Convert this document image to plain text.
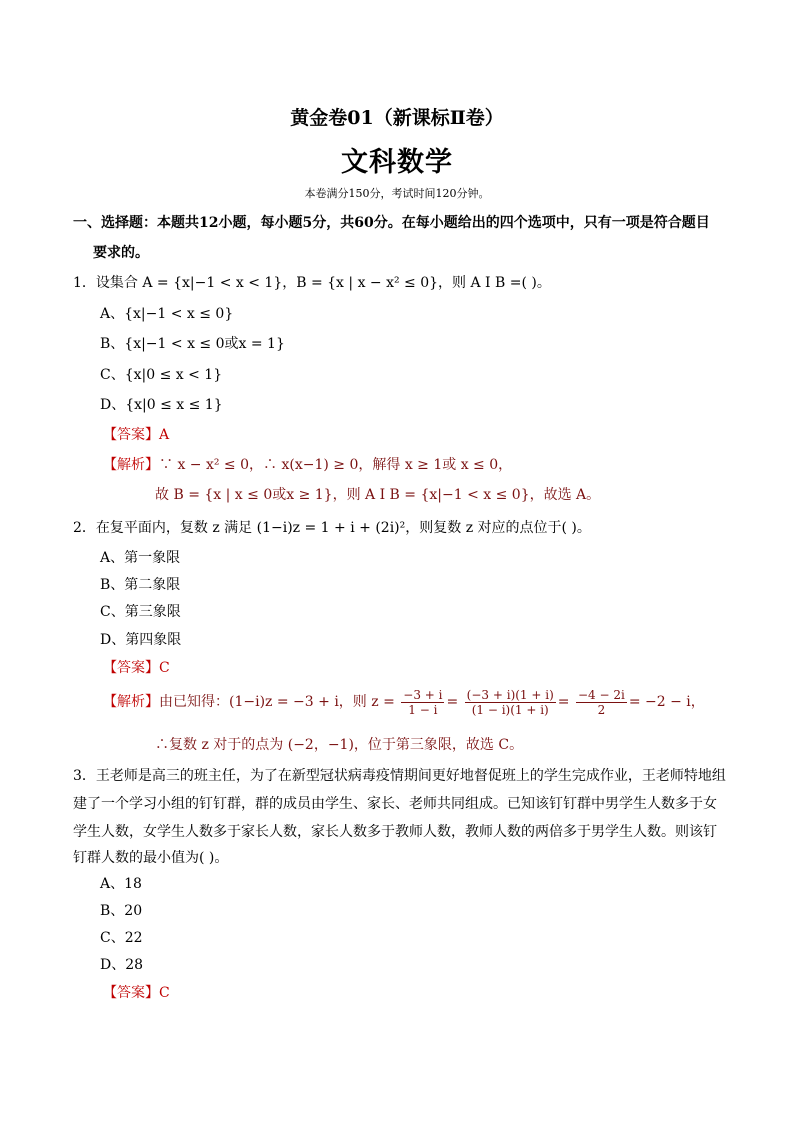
黄金卷01（新课标Ⅱ卷）
文科数学
本卷满分150分，考试时间120分钟。
一、选择题：本题共12小题，每小题5分，共60分。在每小题给出的四个选项中，只有一项是符合题目
要求的。
1．设集合 A = {x|−1 < x < 1}，B = {x | x − x² ≤ 0}，则 A I B =( )。
A、{x|−1 < x ≤ 0}
B、{x|−1 < x ≤ 0或x = 1}
C、{x|0 ≤ x < 1}
D、{x|0 ≤ x ≤ 1}
【答案】A
【解析】∵ x − x² ≤ 0，∴ x(x−1) ≥ 0，解得 x ≥ 1或 x ≤ 0，
故 B = {x | x ≤ 0或x ≥ 1}，则 A I B = {x|−1 < x ≤ 0}，故选 A。
2．在复平面内，复数 z 满足 (1−i)z = 1 + i + (2i)²，则复数 z 对应的点位于( )。
A、第一象限
B、第二象限
C、第三象限
D、第四象限
【答案】C
【解析】由已知得：(1−i)z = −3 + i，则 $z = \frac{-3 + i}{1 - i} = \frac{(-3 + i)(1 + i)}{(1 - i)(1 + i)} = \frac{-4 - 2i}{2} = -2 - i$，
∴复数 z 对于的点为 (−2，−1)，位于第三象限，故选 C。
3．王老师是高三的班主任，为了在新型冠状病毒疫情期间更好地督促班上的学生完成作业，王老师特地组
建了一个学习小组的钉钉群，群的成员由学生、家长、老师共同组成。已知该钉钉群中男学生人数多于女
学生人数，女学生人数多于家长人数，家长人数多于教师人数，教师人数的两倍多于男学生人数。则该钉
钉群人数的最小值为( )。
A、18
B、20
C、22
D、28
【答案】C
